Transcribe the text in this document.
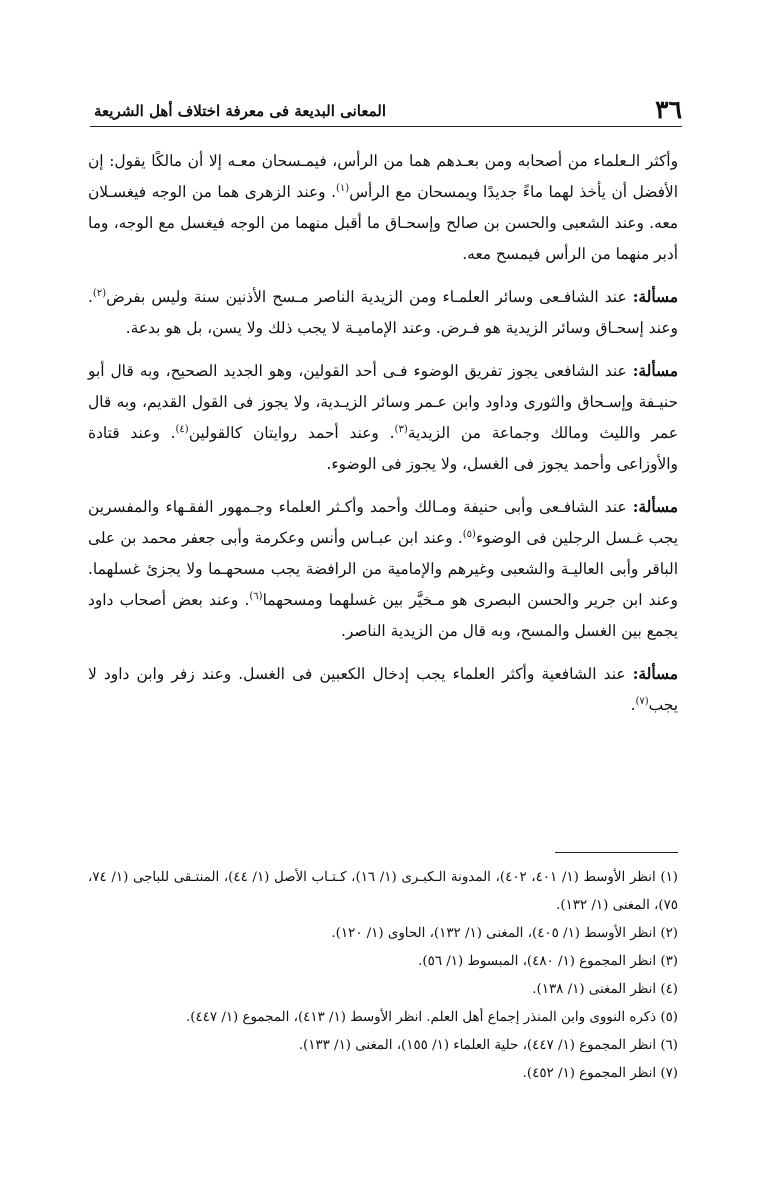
٣٦
المعانى البديعة فى معرفة اختلاف أهل الشريعة

وأكثر الـعلماء من أصحابه ومن بعـدهم هما من الرأس، فيمـسحان معـه إلا أن مالكًا يقول: إن الأفضل أن يأخذ لهما ماءً جديدًا ويمسحان مع الرأس$^{(١)}$. وعند الزهرى هما من الوجه فيغسـلان معه. وعند الشعبى والحسن بن صالح وإسحـاق ما أقبل منهما من الوجه فيغسل مع الوجه، وما أدبر منهما من الرأس فيمسح معه.

مسألة: عند الشافـعى وسائر العلمـاء ومن الزيدية الناصر مـسح الأذنين سنة وليس بفرض$^{(٢)}$. وعند إسحـاق وسائر الزيدية هو فـرض. وعند الإماميـة لا يجب ذلك ولا يسن، بل هو بدعة.

مسألة: عند الشافعى يجوز تفريق الوضوء فـى أحد القولين، وهو الجديد الصحيح، وبه قال أبو حنيـفة وإسـحاق والثورى وداود وابن عـمر وسائر الزيـدية، ولا يجوز فى القول القديم، وبه قال عمر والليث ومالك وجماعة من الزيدية$^{(٣)}$. وعند أحمد روايتان كالقولين$^{(٤)}$. وعند قتادة والأوزاعى وأحمد يجوز فى الغسل، ولا يجوز فى الوضوء.

مسألة: عند الشافـعى وأبى حنيفة ومـالك وأحمد وأكـثر العلماء وجـمهور الفقـهاء والمفسرين يجب غـسل الرجلين فى الوضوء$^{(٥)}$. وعند ابن عبـاس وأنس وعكرمة وأبى جعفر محمد بن على الباقر وأبى العاليـة والشعبى وغيرهم والإمامية من الرافضة يجب مسحهـما ولا يجزئ غسلهما. وعند ابن جرير والحسن البصرى هو مـخيَّر بين غسلهما ومسحهما$^{(٦)}$. وعند بعض أصحاب داود يجمع بين الغسل والمسح، وبه قال من الزيدية الناصر.

مسألة: عند الشافعية وأكثر العلماء يجب إدخال الكعبين فى الغسل. وعند زفر وابن داود لا يجب$^{(٧)}$.

(١) انظر الأوسط (١/ ٤٠١، ٤٠٢)، المدونة الـكبـرى (١/ ١٦)، كـتـاب الأصل (١/ ٤٤)، المنتـقى للباجى (١/ ٧٤، ٧٥)، المغنى (١/ ١٣٢).

(٢) انظر الأوسط (١/ ٤٠٥)، المغنى (١/ ١٣٢)، الحاوى (١/ ١٢٠).

(٣) انظر المجموع (١/ ٤٨٠)، المبسوط (١/ ٥٦).

(٤) انظر المغنى (١/ ١٣٨).

(٥) ذكره النووى وابن المنذر إجماع أهل العلم. انظر الأوسط (١/ ٤١٣)، المجموع (١/ ٤٤٧).

(٦) انظر المجموع (١/ ٤٤٧)، حلية العلماء (١/ ١٥٥)، المغنى (١/ ١٣٣).

(٧) انظر المجموع (١/ ٤٥٢).
